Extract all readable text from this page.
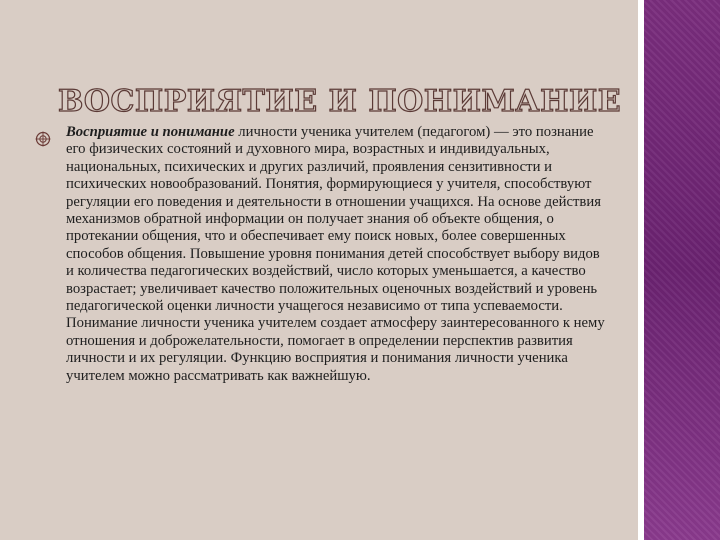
ВОСПРИЯТИЕ И ПОНИМАНИЕ

Восприятие и понимание личности ученика учителем (педагогом) — это познание его физических состояний и духовного мира, возрастных и индивидуальных, национальных, психических и других различий, проявления сензитивности и психических новообразований. Понятия, формирующиеся у учителя, способствуют регуляции его поведения и деятельности в отношении учащихся. На основе действия механизмов обратной информации он получает знания об объекте общения, о протекании общения, что и обеспечивает ему поиск новых, более совершенных способов общения. Повышение уровня понимания детей способствует выбору видов и количества педагогических воздействий, число которых уменьшается, а качество возрастает; увеличивает качество положительных оценочных воздействий и уровень педагогической оценки личности учащегося независимо от типа успеваемости. Понимание личности ученика учителем создает атмосферу заинтересованного к нему отношения и доброжелательности, помогает в определении перспектив развития личности и их регуляции. Функцию восприятия и понимания личности ученика учителем можно рассматривать как важнейшую.
